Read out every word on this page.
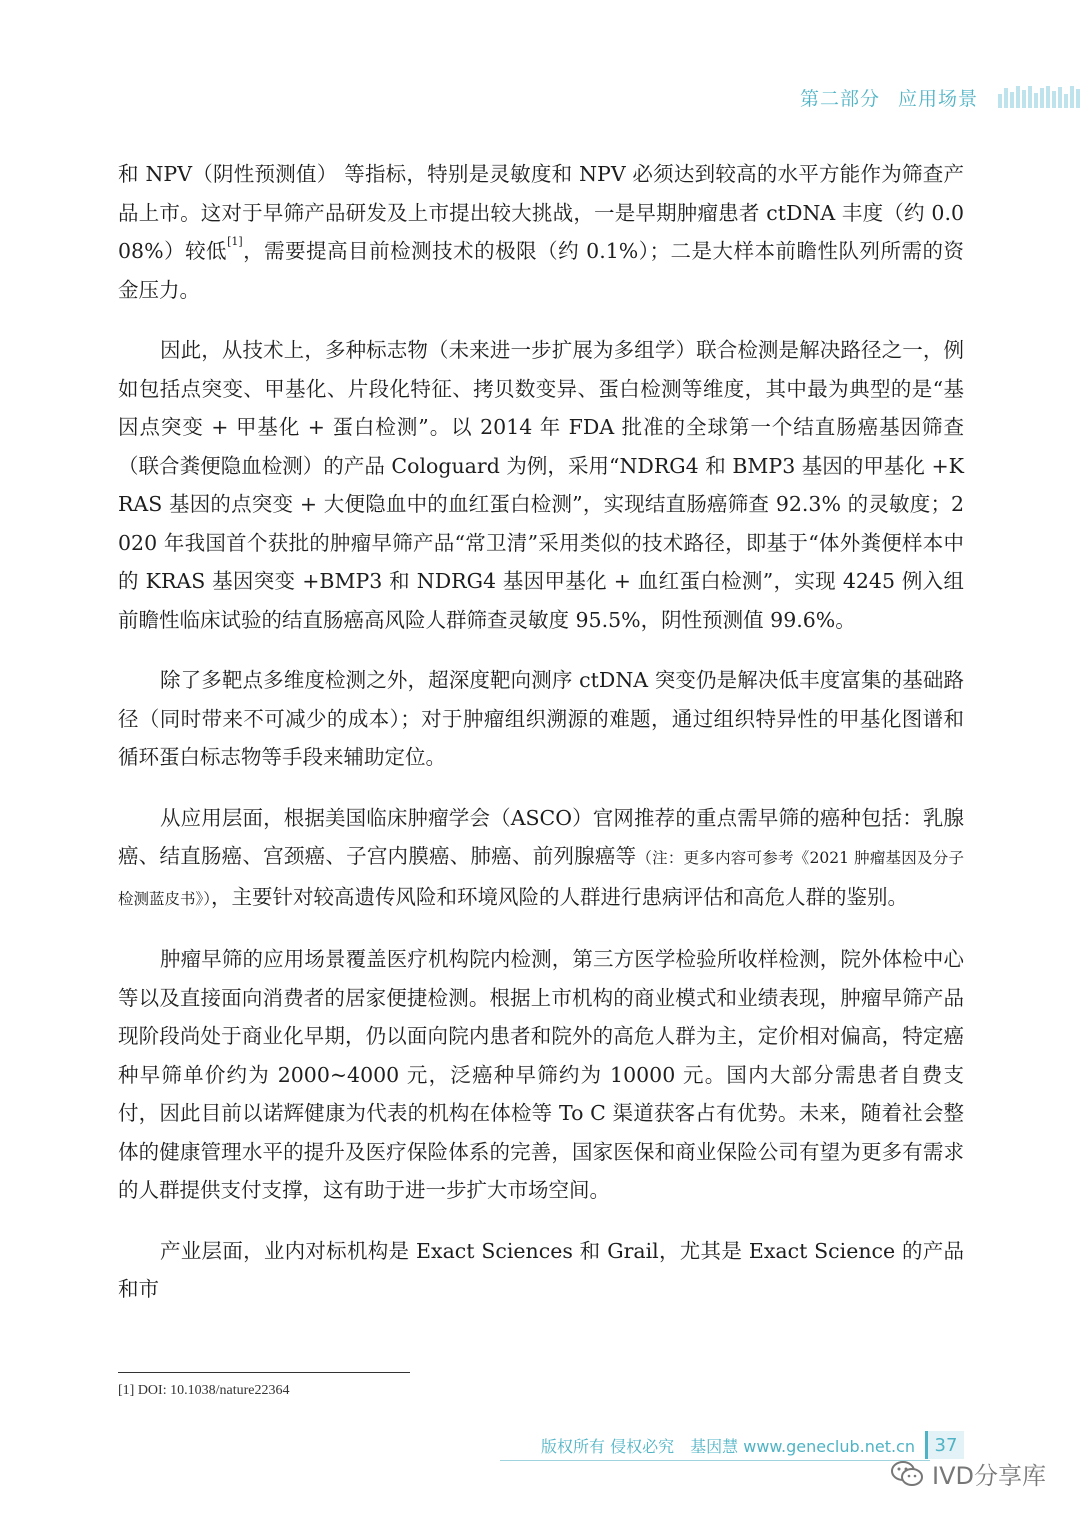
第二部分 应用场景

和 NPV（阴性预测值） 等指标，特别是灵敏度和 NPV 必须达到较高的水平方能作为筛查产品上市。这对于早筛产品研发及上市提出较大挑战，一是早期肿瘤患者 ctDNA 丰度（约 0.008%）较低[1]，需要提高目前检测技术的极限（约 0.1%）；二是大样本前瞻性队列所需的资金压力。

因此，从技术上，多种标志物（未来进一步扩展为多组学）联合检测是解决路径之一，例如包括点突变、甲基化、片段化特征、拷贝数变异、蛋白检测等维度，其中最为典型的是“基因点突变 + 甲基化 + 蛋白检测”。以 2014 年 FDA 批准的全球第一个结直肠癌基因筛查（联合粪便隐血检测）的产品 Cologuard 为例，采用“NDRG4 和 BMP3 基因的甲基化 +KRAS 基因的点突变 + 大便隐血中的血红蛋白检测”，实现结直肠癌筛查 92.3% 的灵敏度；2020 年我国首个获批的肿瘤早筛产品“常卫清”采用类似的技术路径，即基于“体外粪便样本中的 KRAS 基因突变 +BMP3 和 NDRG4 基因甲基化 + 血红蛋白检测”，实现 4245 例入组前瞻性临床试验的结直肠癌高风险人群筛查灵敏度 95.5%，阴性预测值 99.6%。

除了多靶点多维度检测之外，超深度靶向测序 ctDNA 突变仍是解决低丰度富集的基础路径（同时带来不可减少的成本）；对于肿瘤组织溯源的难题，通过组织特异性的甲基化图谱和循环蛋白标志物等手段来辅助定位。

从应用层面，根据美国临床肿瘤学会（ASCO）官网推荐的重点需早筛的癌种包括：乳腺癌、结直肠癌、宫颈癌、子宫内膜癌、肺癌、前列腺癌等（注：更多内容可参考《2021 肿瘤基因及分子检测蓝皮书》），主要针对较高遗传风险和环境风险的人群进行患病评估和高危人群的鉴别。

肿瘤早筛的应用场景覆盖医疗机构院内检测，第三方医学检验所收样检测，院外体检中心等以及直接面向消费者的居家便捷检测。根据上市机构的商业模式和业绩表现，肿瘤早筛产品现阶段尚处于商业化早期，仍以面向院内患者和院外的高危人群为主，定价相对偏高，特定癌种早筛单价约为 2000~4000 元，泛癌种早筛约为 10000 元。国内大部分需患者自费支付，因此目前以诺辉健康为代表的机构在体检等 To C 渠道获客占有优势。未来，随着社会整体的健康管理水平的提升及医疗保险体系的完善，国家医保和商业保险公司有望为更多有需求的人群提供支付支撑，这有助于进一步扩大市场空间。

产业层面，业内对标机构是 Exact Sciences 和 Grail，尤其是 Exact Science 的产品和市

[1] DOI: 10.1038/nature22364
版权所有 侵权必究 基因慧 www.geneclub.net.cn	37
IVD分享库
